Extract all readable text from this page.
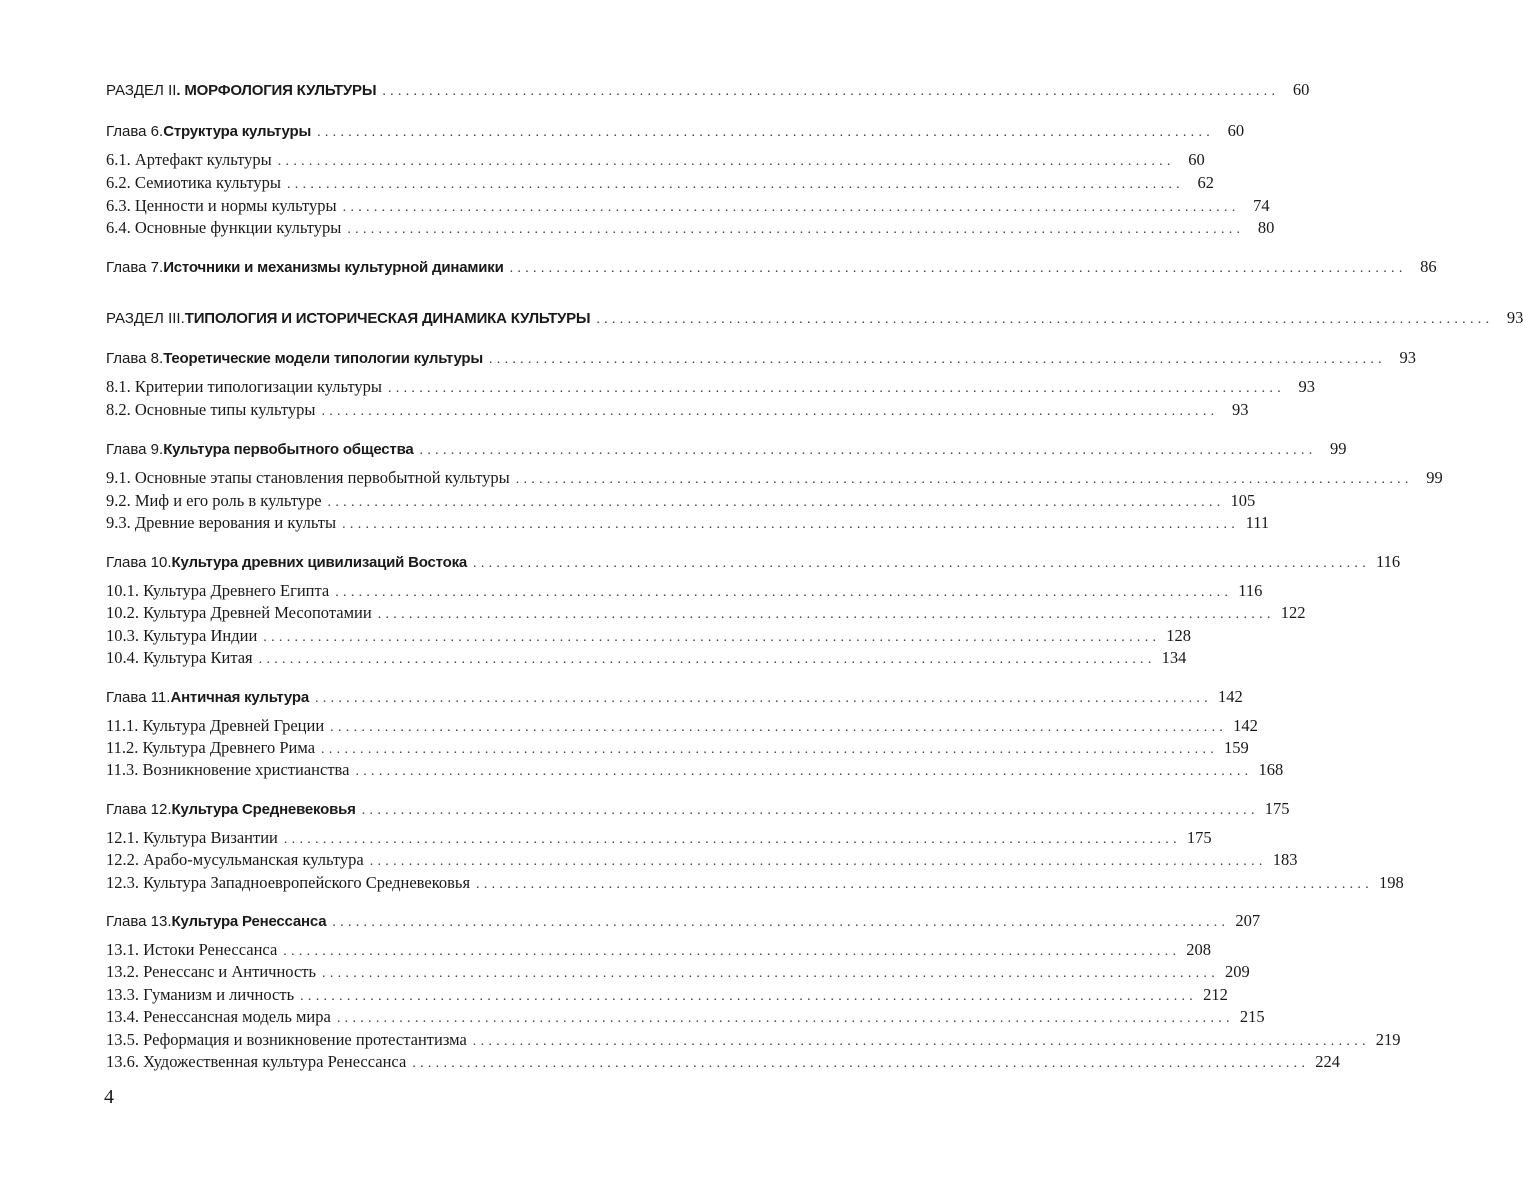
РАЗДЕЛ II . МОРФОЛОГИЯ КУЛЬТУРЫ ................................................................................................................... 60
Глава 6. Структура культуры ................................................................................................................... 60
6.1. Артефакт культуры ................................................................................................................... 60
6.2. Семиотика культуры ................................................................................................................... 62
6.3. Ценности и нормы культуры ................................................................................................................... 74
6.4. Основные функции культуры ................................................................................................................... 80
Глава 7. Источники и механизмы культурной динамики ................................................................................................................... 86
РАЗДЕЛ III. ТИПОЛОГИЯ И ИСТОРИЧЕСКАЯ ДИНАМИКА КУЛЬТУРЫ ................................................................................................................... 93
Глава 8. Теоретические модели типологии культуры ................................................................................................................... 93
8.1. Критерии типологизации культуры ................................................................................................................... 93
8.2. Основные типы культуры ................................................................................................................... 93
Глава 9. Культура первобытного общества ................................................................................................................... 99
9.1. Основные этапы становления первобытной культуры ................................................................................................................... 99
9.2. Миф и его роль в культуре ................................................................................................................... 105
9.3. Древние верования и культы ................................................................................................................... 111
Глава 10. Культура древних цивилизаций Востока ................................................................................................................... 116
10.1. Культура Древнего Египта ................................................................................................................... 116
10.2. Культура Древней Месопотамии ................................................................................................................... 122
10.3. Культура Индии ................................................................................................................... 128
10.4. Культура Китая ................................................................................................................... 134
Глава 11. Античная культура ................................................................................................................... 142
11.1. Культура Древней Греции ................................................................................................................... 142
11.2. Культура Древнего Рима ................................................................................................................... 159
11.3. Возникновение христианства ................................................................................................................... 168
Глава 12. Культура Средневековья ................................................................................................................... 175
12.1. Культура Византии ................................................................................................................... 175
12.2. Арабо-мусульманская культура ................................................................................................................... 183
12.3. Культура Западноевропейского Средневековья ................................................................................................................... 198
Глава 13. Культура Ренессанса ................................................................................................................... 207
13.1. Истоки Ренессанса ................................................................................................................... 208
13.2. Ренессанс и Античность ................................................................................................................... 209
13.3. Гуманизм и личность ................................................................................................................... 212
13.4. Ренессансная модель мира ................................................................................................................... 215
13.5. Реформация и возникновение протестантизма ................................................................................................................... 219
13.6. Художественная культура Ренессанса ................................................................................................................... 224
4
